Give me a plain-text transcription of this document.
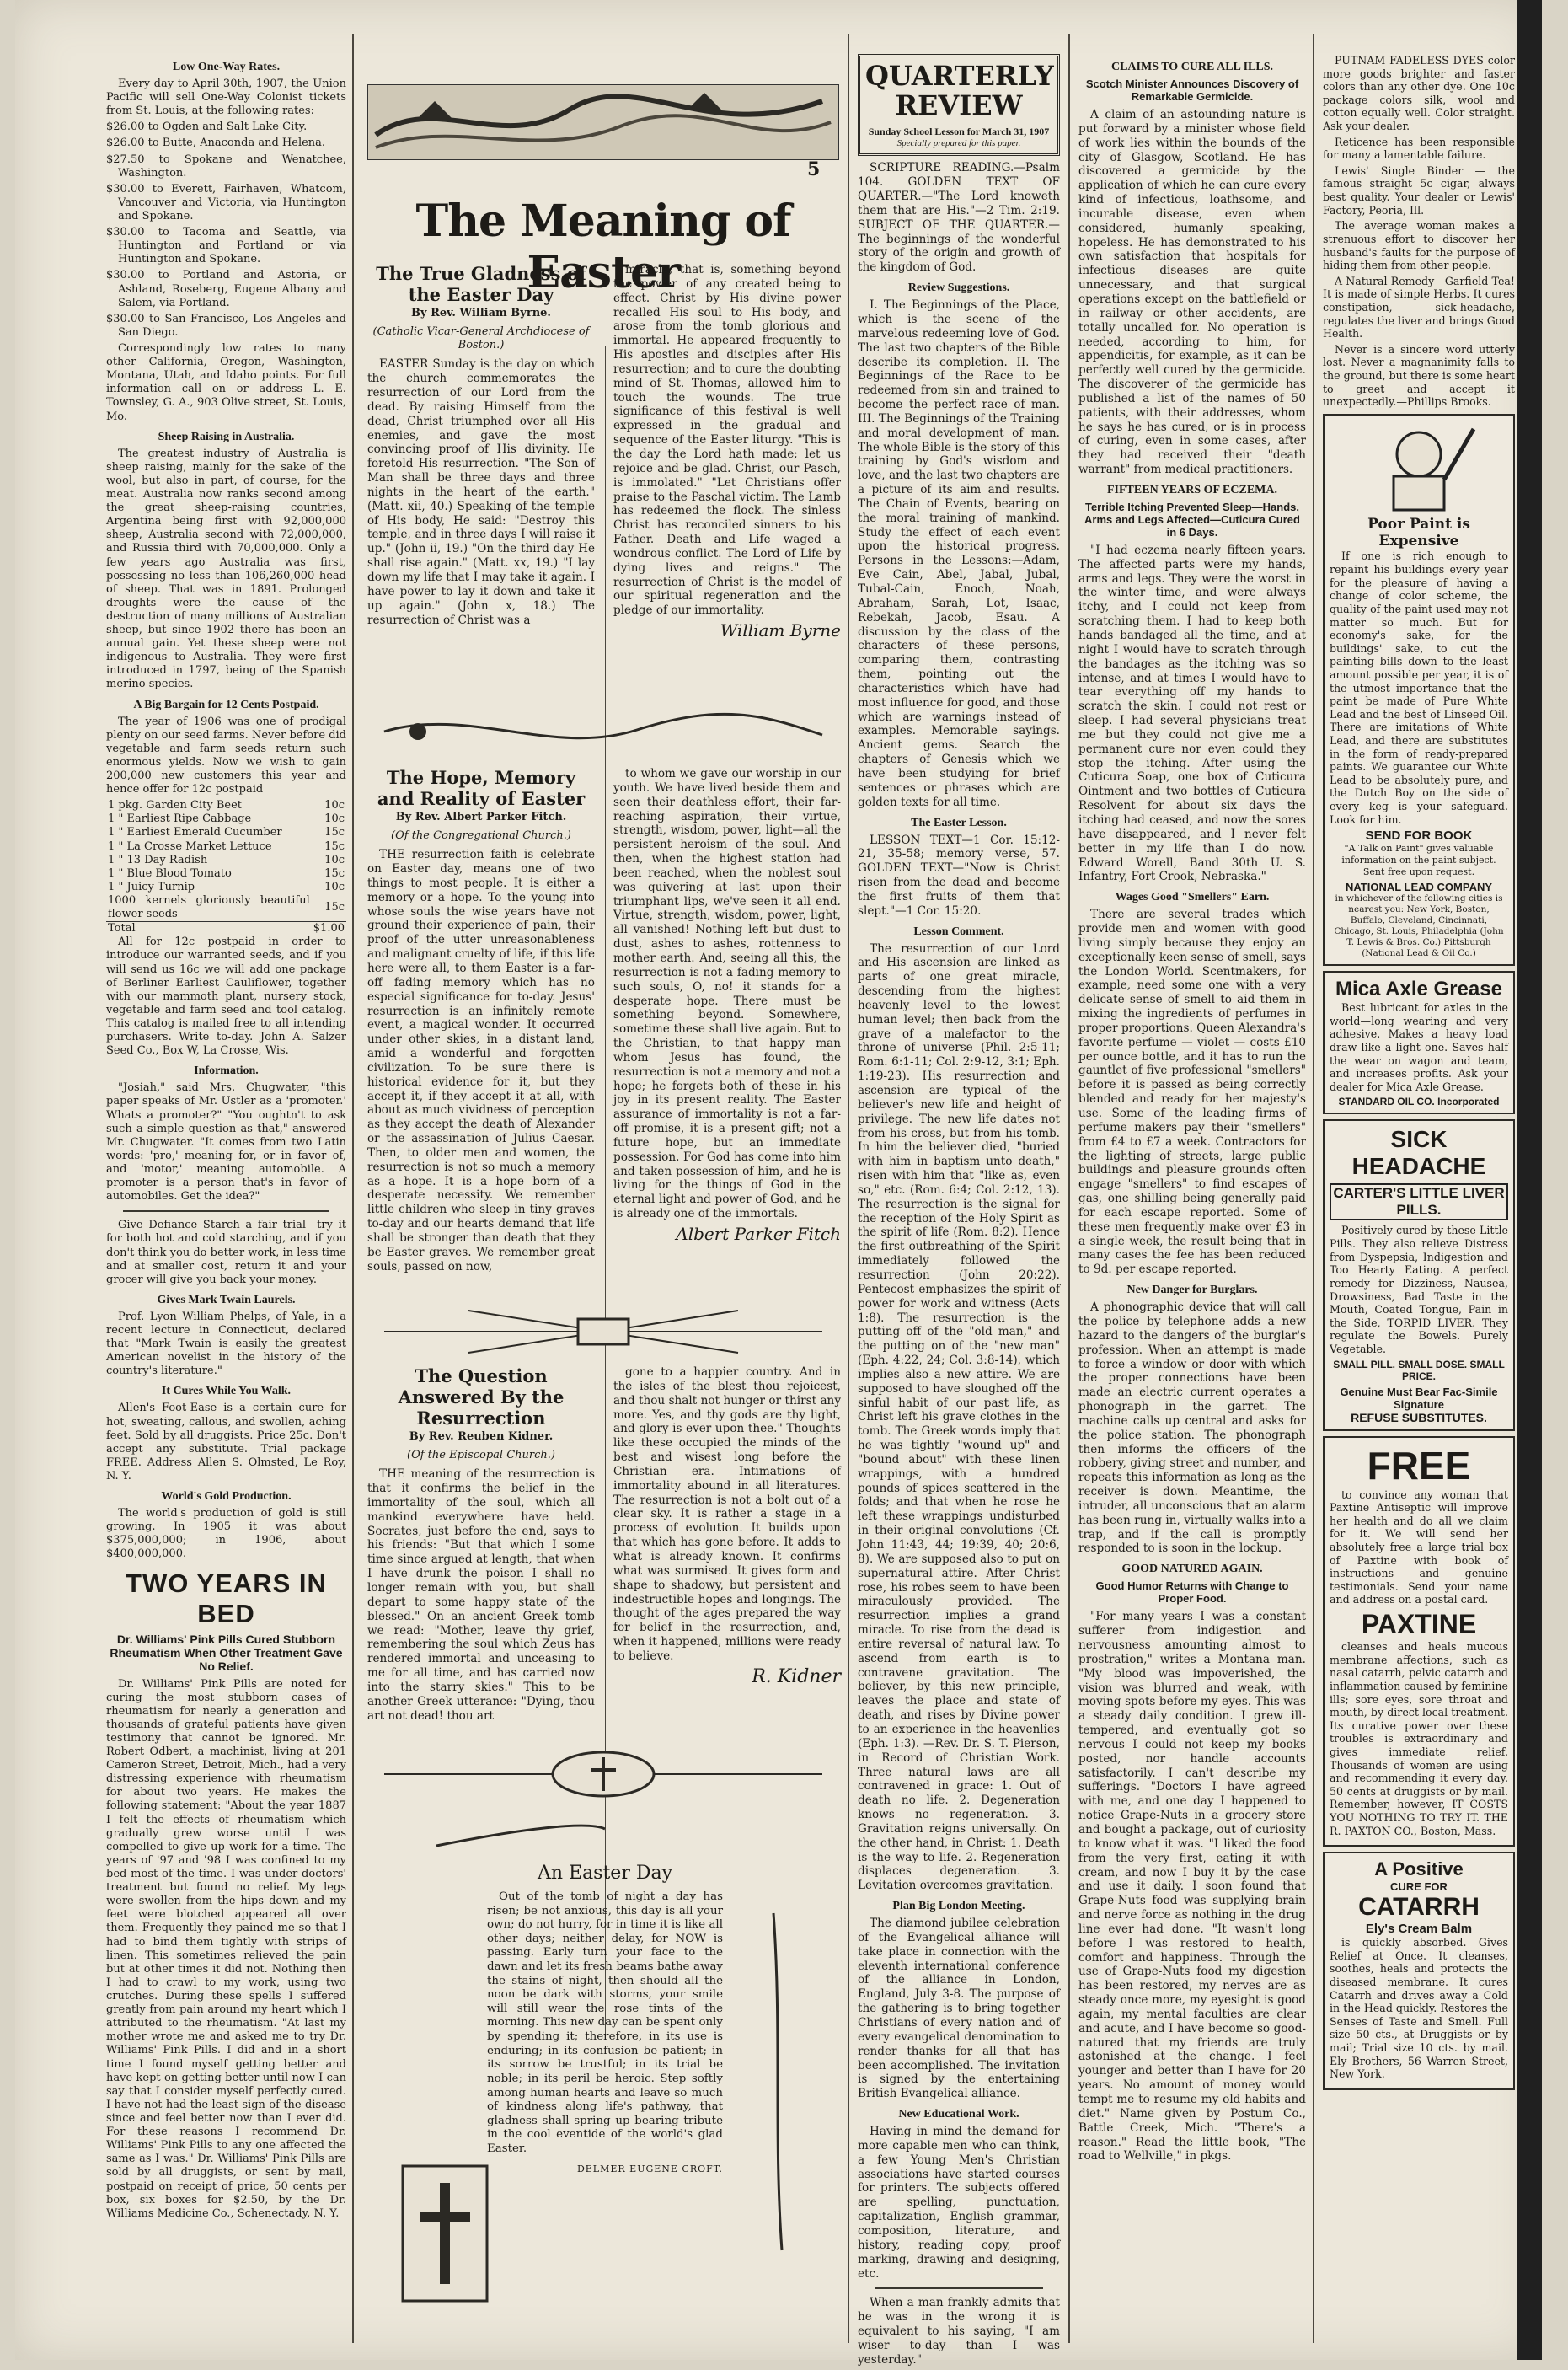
Low One-Way Rates.

Every day to April 30th, 1907, the Union Pacific will sell One-Way Colonist tickets from St. Louis, at the following rates:

$26.00 to Ogden and Salt Lake City.

$26.00 to Butte, Anaconda and Helena.

$27.50 to Spokane and Wenatchee, Washington.

$30.00 to Everett, Fairhaven, Whatcom, Vancouver and Victoria, via Huntington and Spokane.

$30.00 to Tacoma and Seattle, via Huntington and Portland or via Huntington and Spokane.

$30.00 to Portland and Astoria, or Ashland, Roseberg, Eugene Albany and Salem, via Portland.

$30.00 to San Francisco, Los Angeles and San Diego.

Correspondingly low rates to many other California, Oregon, Washington, Montana, Utah, and Idaho points. For full information call on or address L. E. Townsley, G. A., 903 Olive street, St. Louis, Mo.

Sheep Raising in Australia.

The greatest industry of Australia is sheep raising, mainly for the sake of the wool, but also in part, of course, for the meat. Australia now ranks second among the great sheep-raising countries, Argentina being first with 92,000,000 sheep, Australia second with 72,000,000, and Russia third with 70,000,000. Only a few years ago Australia was first, possessing no less than 106,260,000 head of sheep. That was in 1891. Prolonged droughts were the cause of the destruction of many millions of Australian sheep, but since 1902 there has been an annual gain. Yet these sheep were not indigenous to Australia. They were first introduced in 1797, being of the Spanish merino species.

A Big Bargain for 12 Cents Postpaid.

The year of 1906 was one of prodigal plenty on our seed farms. Never before did vegetable and farm seeds return such enormous yields. Now we wish to gain 200,000 new customers this year and hence offer for 12c postpaid

1 pkg. Garden City Beet	10c
1 " Earliest Ripe Cabbage	10c
1 " Earliest Emerald Cucumber	15c
1 " La Crosse Market Lettuce	15c
1 " 13 Day Radish	10c
1 " Blue Blood Tomato	15c
1 " Juicy Turnip	10c
1000 kernels gloriously beautiful flower seeds	15c
Total	$1.00

All for 12c postpaid in order to introduce our warranted seeds, and if you will send us 16c we will add one package of Berliner Earliest Cauliflower, together with our mammoth plant, nursery stock, vegetable and farm seed and tool catalog. This catalog is mailed free to all intending purchasers. Write to-day. John A. Salzer Seed Co., Box W, La Crosse, Wis.

Information.

"Josiah," said Mrs. Chugwater, "this paper speaks of Mr. Ustler as a 'promoter.' Whats a promoter?" "You oughtn't to ask such a simple question as that," answered Mr. Chugwater. "It comes from two Latin words: 'pro,' meaning for, or in favor of, and 'motor,' meaning automobile. A promoter is a person that's in favor of automobiles. Get the idea?"

Give Defiance Starch a fair trial—try it for both hot and cold starching, and if you don't think you do better work, in less time and at smaller cost, return it and your grocer will give you back your money.

Gives Mark Twain Laurels.

Prof. Lyon William Phelps, of Yale, in a recent lecture in Connecticut, declared that "Mark Twain is easily the greatest American novelist in the history of the country's literature."

It Cures While You Walk.

Allen's Foot-Ease is a certain cure for hot, sweating, callous, and swollen, aching feet. Sold by all druggists. Price 25c. Don't accept any substitute. Trial package FREE. Address Allen S. Olmsted, Le Roy, N. Y.

World's Gold Production.

The world's production of gold is still growing. In 1905 it was about $375,000,000; in 1906, about $400,000,000.

TWO YEARS IN BED
Dr. Williams' Pink Pills Cured Stubborn Rheumatism When Other Treatment Gave No Relief.

Dr. Williams' Pink Pills are noted for curing the most stubborn cases of rheumatism for nearly a generation and thousands of grateful patients have given testimony that cannot be ignored. Mr. Robert Odbert, a machinist, living at 201 Cameron Street, Detroit, Mich., had a very distressing experience with rheumatism for about two years. He makes the following statement: "About the year 1887 I felt the effects of rheumatism which gradually grew worse until I was compelled to give up work for a time. The years of '97 and '98 I was confined to my bed most of the time. I was under doctors' treatment but found no relief. My legs were swollen from the hips down and my feet were blotched appeared all over them. Frequently they pained me so that I had to bind them tightly with strips of linen. This sometimes relieved the pain but at other times it did not. Nothing then I had to crawl to my work, using two crutches. During these spells I suffered greatly from pain around my heart which I attributed to the rheumatism. "At last my mother wrote me and asked me to try Dr. Williams' Pink Pills. I did and in a short time I found myself getting better and have kept on getting better until now I can say that I consider myself perfectly cured. I have not had the least sign of the disease since and feel better now than I ever did. For these reasons I recommend Dr. Williams' Pink Pills to any one affected the same as I was." Dr. Williams' Pink Pills are sold by all druggists, or sent by mail, postpaid on receipt of price, 50 cents per box, six boxes for $2.50, by the Dr. Williams Medicine Co., Schenectady, N. Y.

5
The Meaning of Easter
The True Gladness of the Easter Day
By Rev. William Byrne.
(Catholic Vicar-General Archdiocese of Boston.)

EASTER Sunday is the day on which the church commemorates the resurrection of our Lord from the dead. By raising Himself from the dead, Christ triumphed over all His enemies, and gave the most convincing proof of His divinity. He foretold His resurrection. "The Son of Man shall be three days and three nights in the heart of the earth." (Matt. xii, 40.) Speaking of the temple of His body, He said: "Destroy this temple, and in three days I will raise it up." (John ii, 19.) "On the third day He shall rise again." (Matt. xx, 19.) "I lay down my life that I may take it again. I have power to lay it down and take it up again." (John x, 18.) The resurrection of Christ was a

miracle; that is, something beyond the power of any created being to effect. Christ by His divine power recalled His soul to His body, and arose from the tomb glorious and immortal. He appeared frequently to His apostles and disciples after His resurrection; and to cure the doubting mind of St. Thomas, allowed him to touch the wounds. The true significance of this festival is well expressed in the gradual and sequence of the Easter liturgy. "This is the day the Lord hath made; let us rejoice and be glad. Christ, our Pasch, is immolated." "Let Christians offer praise to the Paschal victim. The Lamb has redeemed the flock. The sinless Christ has reconciled sinners to his Father. Death and Life waged a wondrous conflict. The Lord of Life by dying lives and reigns." The resurrection of Christ is the model of our spiritual regeneration and the pledge of our immortality.

William Byrne
The Hope, Memory and Reality of Easter
By Rev. Albert Parker Fitch.
(Of the Congregational Church.)

THE resurrection faith is celebrate on Easter day, means one of two things to most people. It is either a memory or a hope. To the young into whose souls the wise years have not ground their experience of pain, their proof of the utter unreasonableness and malignant cruelty of life, if this life here were all, to them Easter is a far-off fading memory which has no especial significance for to-day. Jesus' resurrection is an infinitely remote event, a magical wonder. It occurred under other skies, in a distant land, amid a wonderful and forgotten civilization. To be sure there is historical evidence for it, but they accept it, if they accept it at all, with about as much vividness of perception as they accept the death of Alexander or the assassination of Julius Caesar. Then, to older men and women, the resurrection is not so much a memory as a hope. It is a hope born of a desperate necessity. We remember little children who sleep in tiny graves to-day and our hearts demand that life shall be stronger than death that they be Easter graves. We remember great souls, passed on now,

to whom we gave our worship in our youth. We have lived beside them and seen their deathless effort, their far-reaching aspiration, their virtue, strength, wisdom, power, light—all the persistent heroism of the soul. And then, when the highest station had been reached, when the noblest soul was quivering at last upon their triumphant lips, we've seen it all end. Virtue, strength, wisdom, power, light, all vanished! Nothing left but dust to dust, ashes to ashes, rottenness to mother earth. And, seeing all this, the resurrection is not a fading memory to such souls, O, no! it stands for a desperate hope. There must be something beyond. Somewhere, sometime these shall live again. But to the Christian, to that happy man whom Jesus has found, the resurrection is not a memory and not a hope; he forgets both of these in his joy in its present reality. The Easter assurance of immortality is not a far-off promise, it is a present gift; not a future hope, but an immediate possession. For God has come into him and taken possession of him, and he is living for the things of God in the eternal light and power of God, and he is already one of the immortals.

Albert Parker Fitch
The Question Answered By the Resurrection
By Rev. Reuben Kidner.
(Of the Episcopal Church.)

THE meaning of the resurrection is that it confirms the belief in the immortality of the soul, which all mankind everywhere have held. Socrates, just before the end, says to his friends: "But that which I some time since argued at length, that when I have drunk the poison I shall no longer remain with you, but shall depart to some happy state of the blessed." On an ancient Greek tomb we read: "Mother, leave thy grief, remembering the soul which Zeus has rendered immortal and unceasing to me for all time, and has carried now into the starry skies." This to be another Greek utterance: "Dying, thou art not dead! thou art

gone to a happier country. And in the isles of the blest thou rejoicest, and thou shalt not hunger or thirst any more. Yes, and thy gods are thy light, and glory is ever upon thee." Thoughts like these occupied the minds of the best and wisest long before the Christian era. Intimations of immortality abound in all literatures. The resurrection is not a bolt out of a clear sky. It is rather a stage in a process of evolution. It builds upon that which has gone before. It adds to what is already known. It confirms what was surmised. It gives form and shape to shadowy, but persistent and indestructible hopes and longings. The thought of the ages prepared the way for belief in the resurrection, and, when it happened, millions were ready to believe.

R. Kidner
An Easter Day

Out of the tomb of night a day has risen; be not anxious, this day is all your own; do not hurry, for in time it is like all other days; neither delay, for NOW is passing. Early turn your face to the dawn and let its fresh beams bathe away the stains of night, then should all the noon be dark with storms, your smile will still wear the rose tints of the morning. This new day can be spent only by spending it; therefore, in its use is enduring; in its confusion be patient; in its sorrow be trustful; in its trial be noble; in its peril be heroic. Step softly among human hearts and leave so much of kindness along life's pathway, that gladness shall spring up bearing tribute in the cool eventide of the world's glad Easter.

DELMER EUGENE CROFT.
QUARTERLY REVIEW
Sunday School Lesson for March 31, 1907
Specially prepared for this paper.

SCRIPTURE READING.—Psalm 104. GOLDEN TEXT OF QUARTER.—"The Lord knoweth them that are His."—2 Tim. 2:19. SUBJECT OF THE QUARTER.—The beginnings of the wonderful story of the origin and growth of the kingdom of God.

Review Suggestions.

I. The Beginnings of the Place, which is the scene of the marvelous redeeming love of God. The last two chapters of the Bible describe its completion. II. The Beginnings of the Race to be redeemed from sin and trained to become the perfect race of man. III. The Beginnings of the Training and moral development of man. The whole Bible is the story of this training by God's wisdom and love, and the last two chapters are a picture of its aim and results. The Chain of Events, bearing on the moral training of mankind. Study the effect of each event upon the historical progress. Persons in the Lessons:—Adam, Eve Cain, Abel, Jabal, Jubal, Tubal-Cain, Enoch, Noah, Abraham, Sarah, Lot, Isaac, Rebekah, Jacob, Esau. A discussion by the class of the characters of these persons, comparing them, contrasting them, pointing out the characteristics which have had most influence for good, and those which are warnings instead of examples. Memorable sayings. Ancient gems. Search the chapters of Genesis which we have been studying for brief sentences or phrases which are golden texts for all time.

The Easter Lesson.

LESSON TEXT—1 Cor. 15:12-21, 35-58; memory verse, 57. GOLDEN TEXT—"Now is Christ risen from the dead and become the first fruits of them that slept."—1 Cor. 15:20.

Lesson Comment.

The resurrection of our Lord and His ascension are linked as parts of one great miracle, descending from the highest heavenly level to the lowest human level; then back from the grave of a malefactor to the throne of universe (Phil. 2:5-11; Rom. 6:1-11; Col. 2:9-12, 3:1; Eph. 1:19-23). His resurrection and ascension are typical of the believer's new life and height of privilege. The new life dates not from his cross, but from his tomb. In him the believer died, "buried with him in baptism unto death," risen with him that "like as, even so," etc. (Rom. 6:4; Col. 2:12, 13). The resurrection is the signal for the reception of the Holy Spirit as the spirit of life (Rom. 8:2). Hence the first outbreathing of the Spirit immediately followed the resurrection (John 20:22). Pentecost emphasizes the spirit of power for work and witness (Acts 1:8). The resurrection is the putting off of the "old man," and the putting on of the "new man" (Eph. 4:22, 24; Col. 3:8-14), which implies also a new attire. We are supposed to have sloughed off the sinful habit of our past life, as Christ left his grave clothes in the tomb. The Greek words imply that he was tightly "wound up" and "bound about" with these linen wrappings, with a hundred pounds of spices scattered in the folds; and that when he rose he left these wrappings undisturbed in their original convolutions (Cf. John 11:43, 44; 19:39, 40; 20:6, 8). We are supposed also to put on supernatural attire. After Christ rose, his robes seem to have been miraculously provided. The resurrection implies a grand miracle. To rise from the dead is entire reversal of natural law. To ascend from earth is to contravene gravitation. The believer, by this new principle, leaves the place and state of death, and rises by Divine power to an experience in the heavenlies (Eph. 1:3). —Rev. Dr. S. T. Pierson, in Record of Christian Work. Three natural laws are all contravened in grace: 1. Out of death no life. 2. Degeneration knows no regeneration. 3. Gravitation reigns universally. On the other hand, in Christ: 1. Death is the way to life. 2. Regeneration displaces degeneration. 3. Levitation overcomes gravitation.

Plan Big London Meeting.

The diamond jubilee celebration of the Evangelical alliance will take place in connection with the eleventh international conference of the alliance in London, England, July 3-8. The purpose of the gathering is to bring together Christians of every nation and of every evangelical denomination to render thanks for all that has been accomplished. The invitation is signed by the entertaining British Evangelical alliance.

New Educational Work.

Having in mind the demand for more capable men who can think, a few Young Men's Christian associations have started courses for printers. The subjects offered are spelling, punctuation, capitalization, English grammar, composition, literature, and history, reading copy, proof marking, drawing and designing, etc.

When a man frankly admits that he was in the wrong it is equivalent to his saying, "I am wiser to-day than I was yesterday."

CLAIMS TO CURE ALL ILLS.
Scotch Minister Announces Discovery of Remarkable Germicide.

A claim of an astounding nature is put forward by a minister whose field of work lies within the bounds of the city of Glasgow, Scotland. He has discovered a germicide by the application of which he can cure every kind of infectious, loathsome, and incurable disease, even when considered, humanly speaking, hopeless. He has demonstrated to his own satisfaction that hospitals for infectious diseases are quite unnecessary, and that surgical operations except on the battlefield or in railway or other accidents, are totally uncalled for. No operation is needed, according to him, for appendicitis, for example, as it can be perfectly well cured by the germicide. The discoverer of the germicide has published a list of the names of 50 patients, with their addresses, whom he says he has cured, or is in process of curing, even in some cases, after they had received their "death warrant" from medical practitioners.

FIFTEEN YEARS OF ECZEMA.
Terrible Itching Prevented Sleep—Hands, Arms and Legs Affected—Cuticura Cured in 6 Days.

"I had eczema nearly fifteen years. The affected parts were my hands, arms and legs. They were the worst in the winter time, and were always itchy, and I could not keep from scratching them. I had to keep both hands bandaged all the time, and at night I would have to scratch through the bandages as the itching was so intense, and at times I would have to tear everything off my hands to scratch the skin. I could not rest or sleep. I had several physicians treat me but they could not give me a permanent cure nor even could they stop the itching. After using the Cuticura Soap, one box of Cuticura Ointment and two bottles of Cuticura Resolvent for about six days the itching had ceased, and now the sores have disappeared, and I never felt better in my life than I do now. Edward Worell, Band 30th U. S. Infantry, Fort Crook, Nebraska."

Wages Good "Smellers" Earn.

There are several trades which provide men and women with good living simply because they enjoy an exceptionally keen sense of smell, says the London World. Scentmakers, for example, need some one with a very delicate sense of smell to aid them in mixing the ingredients of perfumes in proper proportions. Queen Alexandra's favorite perfume — violet — costs £10 per ounce bottle, and it has to run the gauntlet of five professional "smellers" before it is passed as being correctly blended and ready for her majesty's use. Some of the leading firms of perfume makers pay their "smellers" from £4 to £7 a week. Contractors for the lighting of streets, large public buildings and pleasure grounds often engage "smellers" to find escapes of gas, one shilling being generally paid for each escape reported. Some of these men frequently make over £3 in a single week, the result being that in many cases the fee has been reduced to 9d. per escape reported.

New Danger for Burglars.

A phonographic device that will call the police by telephone adds a new hazard to the dangers of the burglar's profession. When an attempt is made to force a window or door with which the proper connections have been made an electric current operates a phonograph in the garret. The machine calls up central and asks for the police station. The phonograph then informs the officers of the robbery, giving street and number, and repeats this information as long as the receiver is down. Meantime, the intruder, all unconscious that an alarm has been rung in, virtually walks into a trap, and if the call is promptly responded to is soon in the lockup.

GOOD NATURED AGAIN.
Good Humor Returns with Change to Proper Food.

"For many years I was a constant sufferer from indigestion and nervousness amounting almost to prostration," writes a Montana man. "My blood was impoverished, the vision was blurred and weak, with moving spots before my eyes. This was a steady daily condition. I grew ill-tempered, and eventually got so nervous I could not keep my books posted, nor handle accounts satisfactorily. I can't describe my sufferings. "Doctors I have agreed with me, and one day I happened to notice Grape-Nuts in a grocery store and bought a package, out of curiosity to know what it was. "I liked the food from the very first, eating it with cream, and now I buy it by the case and use it daily. I soon found that Grape-Nuts food was supplying brain and nerve force as nothing in the drug line ever had done. "It wasn't long before I was restored to health, comfort and happiness. Through the use of Grape-Nuts food my digestion has been restored, my nerves are as steady once more, my eyesight is good again, my mental faculties are clear and acute, and I have become so good-natured that my friends are truly astonished at the change. I feel younger and better than I have for 20 years. No amount of money would tempt me to resume my old habits and diet." Name given by Postum Co., Battle Creek, Mich. "There's a reason." Read the little book, "The road to Wellville," in pkgs.

PUTNAM FADELESS DYES color more goods brighter and faster colors than any other dye. One 10c package colors silk, wool and cotton equally well. Color straight. Ask your dealer.

Reticence has been responsible for many a lamentable failure.

Lewis' Single Binder — the famous straight 5c cigar, always best quality. Your dealer or Lewis' Factory, Peoria, Ill.

The average woman makes a strenuous effort to discover her husband's faults for the purpose of hiding them from other people.

A Natural Remedy—Garfield Tea! It is made of simple Herbs. It cures constipation, sick-headache, regulates the liver and brings Good Health.

Never is a sincere word utterly lost. Never a magnanimity falls to the ground, but there is some heart to greet and accept it unexpectedly.—Phillips Brooks.

Poor Paint is Expensive

If one is rich enough to repaint his buildings every year for the pleasure of having a change of color scheme, the quality of the paint used may not matter so much. But for economy's sake, for the buildings' sake, to cut the painting bills down to the least amount possible per year, it is of the utmost importance that the paint be made of Pure White Lead and the best of Linseed Oil. There are imitations of White Lead, and there are substitutes in the form of ready-prepared paints. We guarantee our White Lead to be absolutely pure, and the Dutch Boy on the side of every keg is your safeguard. Look for him.

SEND FOR BOOK
"A Talk on Paint" gives valuable information on the paint subject. Sent free upon request.
NATIONAL LEAD COMPANY
in whichever of the following cities is nearest you: New York, Boston, Buffalo, Cleveland, Cincinnati, Chicago, St. Louis, Philadelphia (John T. Lewis & Bros. Co.) Pittsburgh (National Lead & Oil Co.)
Mica Axle Grease

Best lubricant for axles in the world—long wearing and very adhesive. Makes a heavy load draw like a light one. Saves half the wear on wagon and team, and increases profits. Ask your dealer for Mica Axle Grease.

STANDARD OIL CO. Incorporated
SICK HEADACHE
CARTER'S LITTLE LIVER PILLS.

Positively cured by these Little Pills. They also relieve Distress from Dyspepsia, Indigestion and Too Hearty Eating. A perfect remedy for Dizziness, Nausea, Drowsiness, Bad Taste in the Mouth, Coated Tongue, Pain in the Side, TORPID LIVER. They regulate the Bowels. Purely Vegetable.

SMALL PILL. SMALL DOSE. SMALL PRICE.
Genuine Must Bear Fac-Simile Signature
REFUSE SUBSTITUTES.
FREE

to convince any woman that Paxtine Antiseptic will improve her health and do all we claim for it. We will send her absolutely free a large trial box of Paxtine with book of instructions and genuine testimonials. Send your name and address on a postal card.

PAXTINE

cleanses and heals mucous membrane affections, such as nasal catarrh, pelvic catarrh and inflammation caused by feminine ills; sore eyes, sore throat and mouth, by direct local treatment. Its curative power over these troubles is extraordinary and gives immediate relief. Thousands of women are using and recommending it every day. 50 cents at druggists or by mail. Remember, however, IT COSTS YOU NOTHING TO TRY IT. THE R. PAXTON CO., Boston, Mass.

A Positive
CURE FOR
CATARRH
Ely's Cream Balm

is quickly absorbed. Gives Relief at Once. It cleanses, soothes, heals and protects the diseased membrane. It cures Catarrh and drives away a Cold in the Head quickly. Restores the Senses of Taste and Smell. Full size 50 cts., at Druggists or by mail; Trial size 10 cts. by mail. Ely Brothers, 56 Warren Street, New York.
